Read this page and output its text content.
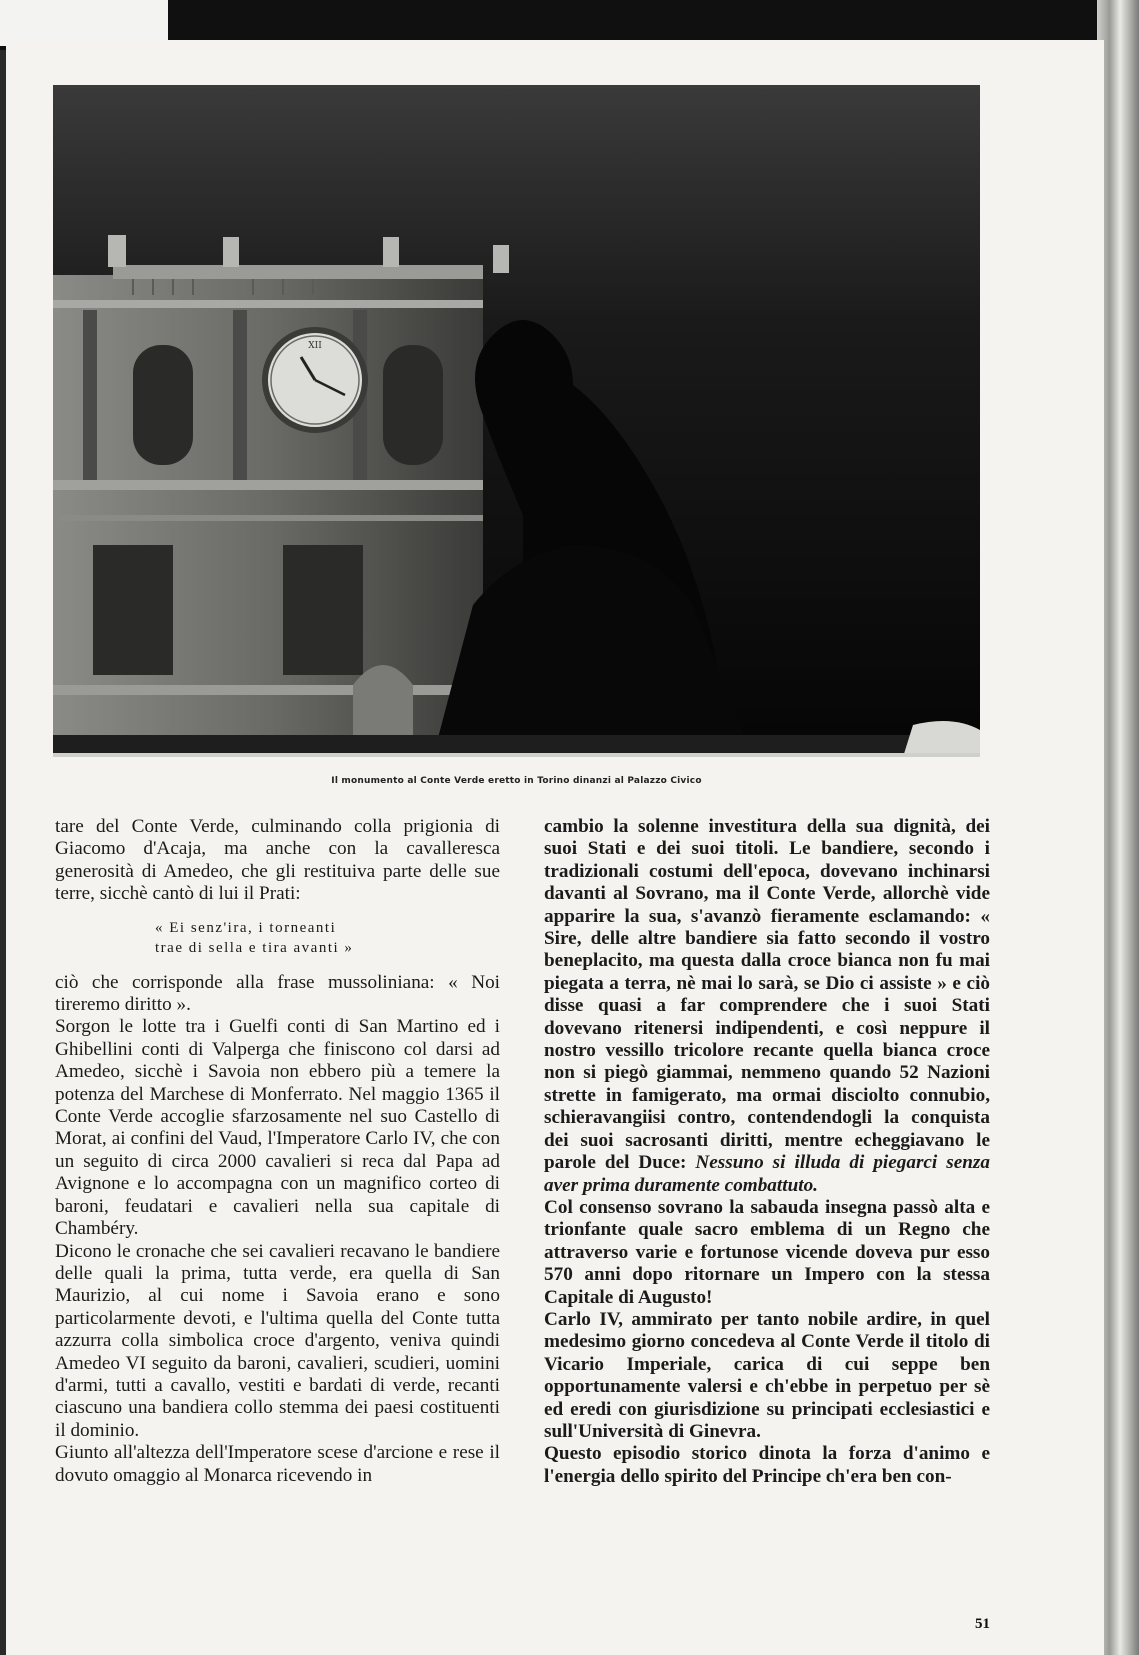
XII
Il monumento al Conte Verde eretto in Torino dinanzi al Palazzo Civico

tare del Conte Verde, culminando colla prigionia di Giacomo d'Acaja, ma anche con la cavalleresca generosità di Amedeo, che gli restituiva parte delle sue terre, sicchè cantò di lui il Prati:

« Ei senz'ira, i torneanti
trae di sella e tira avanti »

ciò che corrisponde alla frase mussoliniana: « Noi tireremo diritto ».

Sorgon le lotte tra i Guelfi conti di San Martino ed i Ghibellini conti di Valperga che finiscono col darsi ad Amedeo, sicchè i Savoia non ebbero più a temere la potenza del Marchese di Monferrato. Nel maggio 1365 il Conte Verde accoglie sfarzosamente nel suo Castello di Morat, ai confini del Vaud, l'Imperatore Carlo IV, che con un seguito di circa 2000 cavalieri si reca dal Papa ad Avignone e lo accompagna con un magnifico corteo di baroni, feudatari e cavalieri nella sua capitale di Chambéry.

Dicono le cronache che sei cavalieri recavano le bandiere delle quali la prima, tutta verde, era quella di San Maurizio, al cui nome i Savoia erano e sono particolarmente devoti, e l'ultima quella del Conte tutta azzurra colla simbolica croce d'argento, veniva quindi Amedeo VI seguito da baroni, cavalieri, scudieri, uomini d'armi, tutti a cavallo, vestiti e bardati di verde, recanti ciascuno una bandiera collo stemma dei paesi costituenti il dominio.

Giunto all'altezza dell'Imperatore scese d'arcione e rese il dovuto omaggio al Monarca ricevendo in

cambio la solenne investitura della sua dignità, dei suoi Stati e dei suoi titoli. Le bandiere, secondo i tradizionali costumi dell'epoca, dovevano inchinarsi davanti al Sovrano, ma il Conte Verde, allorchè vide apparire la sua, s'avanzò fieramente esclamando: « Sire, delle altre bandiere sia fatto secondo il vostro beneplacito, ma questa dalla croce bianca non fu mai piegata a terra, nè mai lo sarà, se Dio ci assiste » e ciò disse quasi a far comprendere che i suoi Stati dovevano ritenersi indipendenti, e così neppure il nostro vessillo tricolore recante quella bianca croce non si piegò giammai, nemmeno quando 52 Nazioni strette in famigerato, ma ormai disciolto connubio, schieravangiisi contro, contendendogli la conquista dei suoi sacrosanti diritti, mentre echeggiavano le parole del Duce: Nessuno si illuda di piegarci senza aver prima duramente combattuto.

Col consenso sovrano la sabauda insegna passò alta e trionfante quale sacro emblema di un Regno che attraverso varie e fortunose vicende doveva pur esso 570 anni dopo ritornare un Impero con la stessa Capitale di Augusto!

Carlo IV, ammirato per tanto nobile ardire, in quel medesimo giorno concedeva al Conte Verde il titolo di Vicario Imperiale, carica di cui seppe ben opportunamente valersi e ch'ebbe in perpetuo per sè ed eredi con giurisdizione su principati ecclesiastici e sull'Università di Ginevra.

Questo episodio storico dinota la forza d'animo e l'energia dello spirito del Principe ch'era ben con-

51
